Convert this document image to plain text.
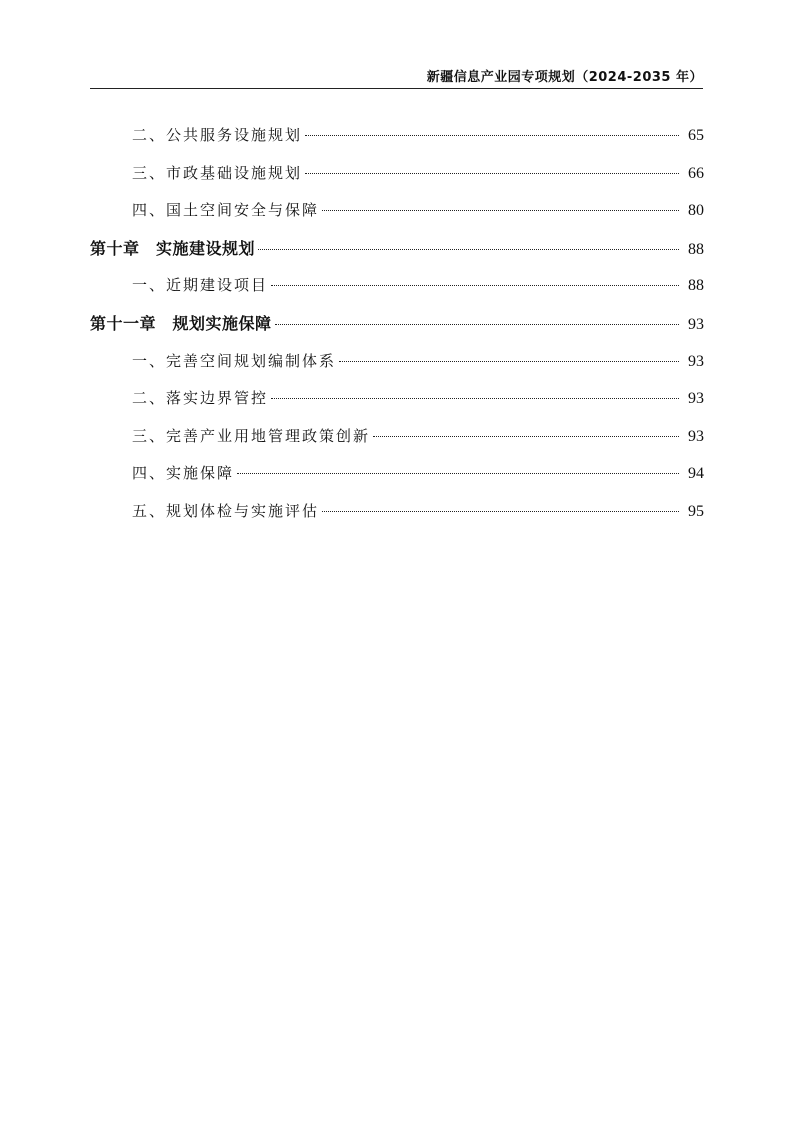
新疆信息产业园专项规划（2024-2035 年）
二、公共服务设施规划	65
三、市政基础设施规划	66
四、国土空间安全与保障	80
第十章　实施建设规划	88
一、近期建设项目	88
第十一章　规划实施保障	93
一、完善空间规划编制体系	93
二、落实边界管控	93
三、完善产业用地管理政策创新	93
四、实施保障	94
五、规划体检与实施评估	95
